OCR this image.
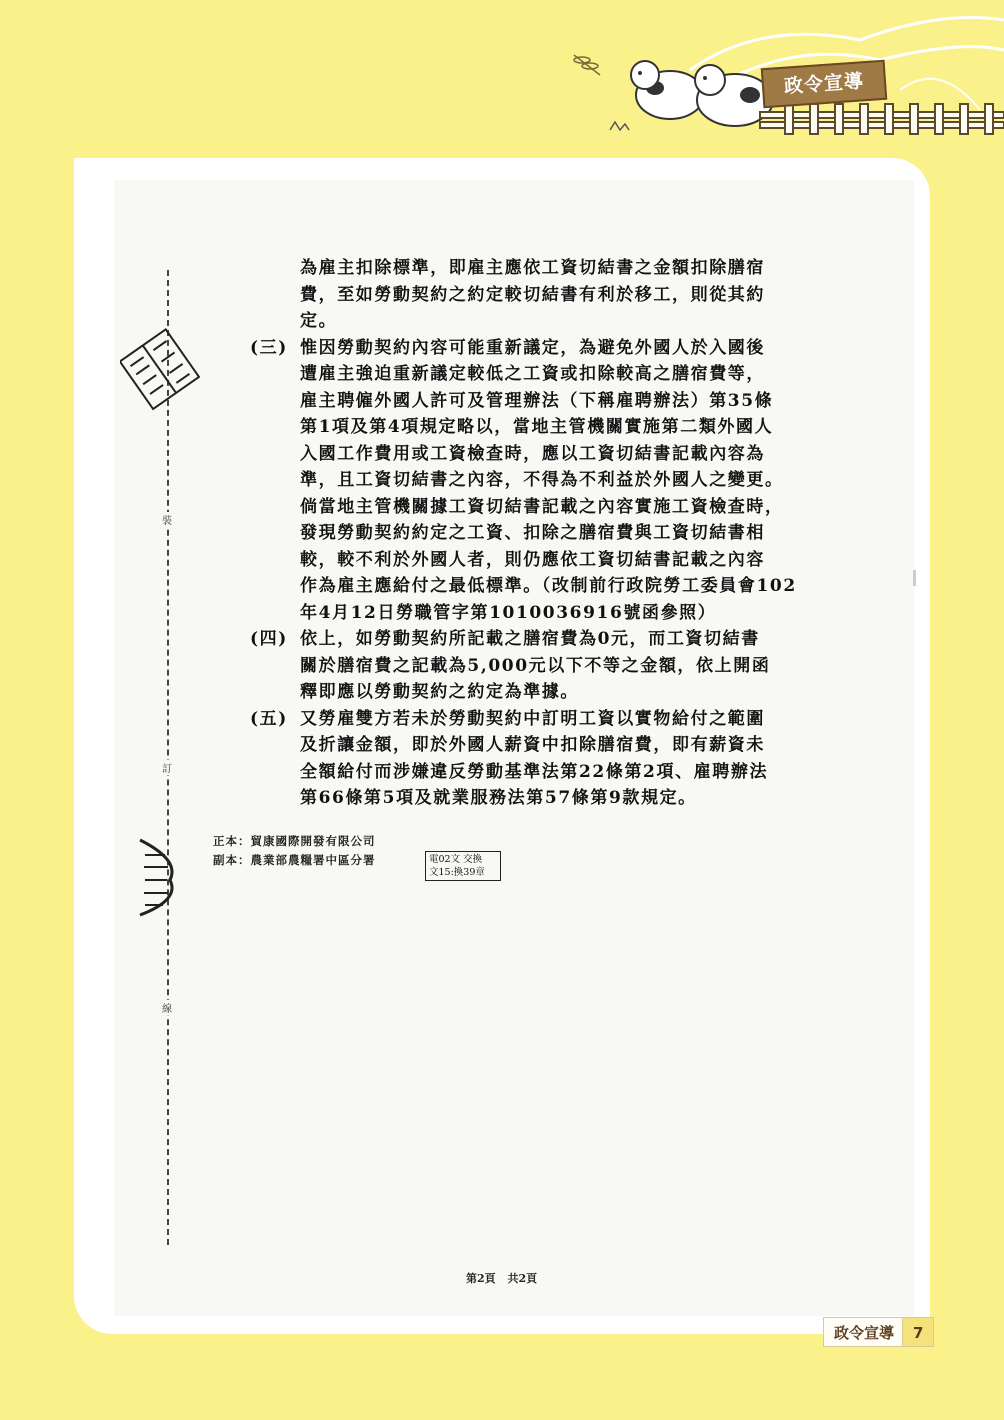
政令宣導
裝
訂
線
為雇主扣除標準，即雇主應依工資切結書之金額扣除膳宿
費，至如勞動契約之約定較切結書有利於移工，則從其約
定。
(三) 惟因勞動契約內容可能重新議定，為避免外國人於入國後
遭雇主強迫重新議定較低之工資或扣除較高之膳宿費等，
雇主聘僱外國人許可及管理辦法（下稱雇聘辦法）第35條
第1項及第4項規定略以，當地主管機關實施第二類外國人
入國工作費用或工資檢查時，應以工資切結書記載內容為
準，且工資切結書之內容，不得為不利益於外國人之變更。
倘當地主管機關據工資切結書記載之內容實施工資檢查時，
發現勞動契約約定之工資、扣除之膳宿費與工資切結書相
較，較不利於外國人者，則仍應依工資切結書記載之內容
作為雇主應給付之最低標準。（改制前行政院勞工委員會102
年4月12日勞職管字第1010036916號函參照）
(四) 依上，如勞動契約所記載之膳宿費為0元，而工資切結書
關於膳宿費之記載為5,000元以下不等之金額，依上開函
釋即應以勞動契約之約定為準據。
(五) 又勞雇雙方若未於勞動契約中訂明工資以實物給付之範圍
及折讓金額，即於外國人薪資中扣除膳宿費，即有薪資未
全額給付而涉嫌違反勞動基準法第22條第2項、雇聘辦法
第66條第5項及就業服務法第57條第9款規定。
正本：貿康國際開發有限公司
副本：農業部農糧署中區分署	電02文 交換
文15:換39章
第2頁 共2頁
政令宣導	7
